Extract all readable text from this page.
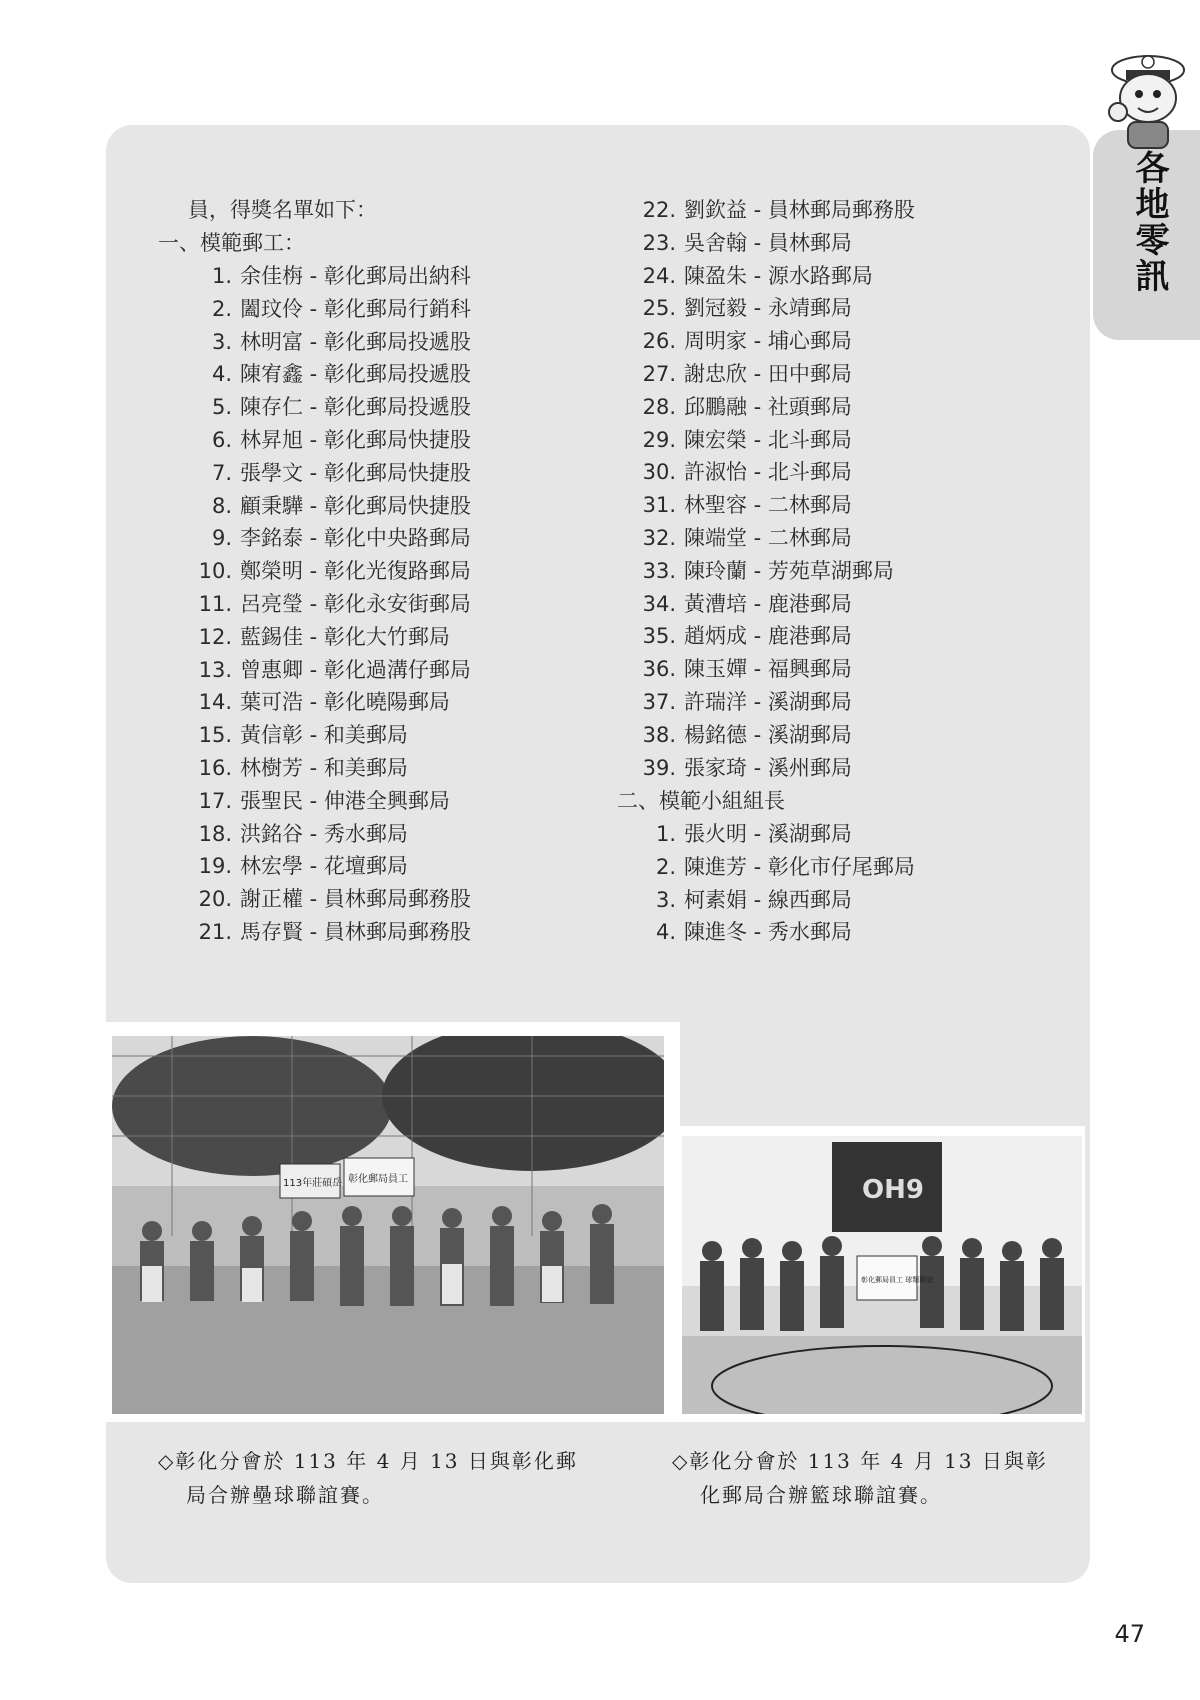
各地零訊
員，得獎名單如下：
一、模範郵工：
1. 余佳栴 - 彰化郵局出納科
2. 闔玟伶 - 彰化郵局行銷科
3. 林明富 - 彰化郵局投遞股
4. 陳宥鑫 - 彰化郵局投遞股
5. 陳存仁 - 彰化郵局投遞股
6. 林昇旭 - 彰化郵局快捷股
7. 張學文 - 彰化郵局快捷股
8. 顧秉驊 - 彰化郵局快捷股
9. 李銘泰 - 彰化中央路郵局
10. 鄭榮明 - 彰化光復路郵局
11. 呂亮瑩 - 彰化永安街郵局
12. 藍錫佳 - 彰化大竹郵局
13. 曾惠卿 - 彰化過溝仔郵局
14. 葉可浩 - 彰化曉陽郵局
15. 黃信彰 - 和美郵局
16. 林樹芳 - 和美郵局
17. 張聖民 - 伸港全興郵局
18. 洪銘谷 - 秀水郵局
19. 林宏學 - 花壇郵局
20. 謝正權 - 員林郵局郵務股
21. 馬存賢 - 員林郵局郵務股
22. 劉欽益 - 員林郵局郵務股
23. 吳舍翰 - 員林郵局
24. 陳盈朱 - 源水路郵局
25. 劉冠毅 - 永靖郵局
26. 周明家 - 埔心郵局
27. 謝忠欣 - 田中郵局
28. 邱鵬融 - 社頭郵局
29. 陳宏榮 - 北斗郵局
30. 許淑怡 - 北斗郵局
31. 林聖容 - 二林郵局
32. 陳端堂 - 二林郵局
33. 陳玲蘭 - 芳苑草湖郵局
34. 黃漕培 - 鹿港郵局
35. 趙炳成 - 鹿港郵局
36. 陳玉嬋 - 福興郵局
37. 許瑞洋 - 溪湖郵局
38. 楊銘德 - 溪湖郵局
39. 張家琦 - 溪州郵局
二、模範小組組長
1. 張火明 - 溪湖郵局
2. 陳進芳 - 彰化市仔尾郵局
3. 柯素娟 - 線西郵局
4. 陳進冬 - 秀水郵局
113年莊碩岳 彰化郵局員工	OH9
彰化郵局員工 球類聯誼
◇彰化分會於 113 年 4 月 13 日與彰化郵
局合辦壘球聯誼賽。
◇彰化分會於 113 年 4 月 13 日與彰
化郵局合辦籃球聯誼賽。
47
